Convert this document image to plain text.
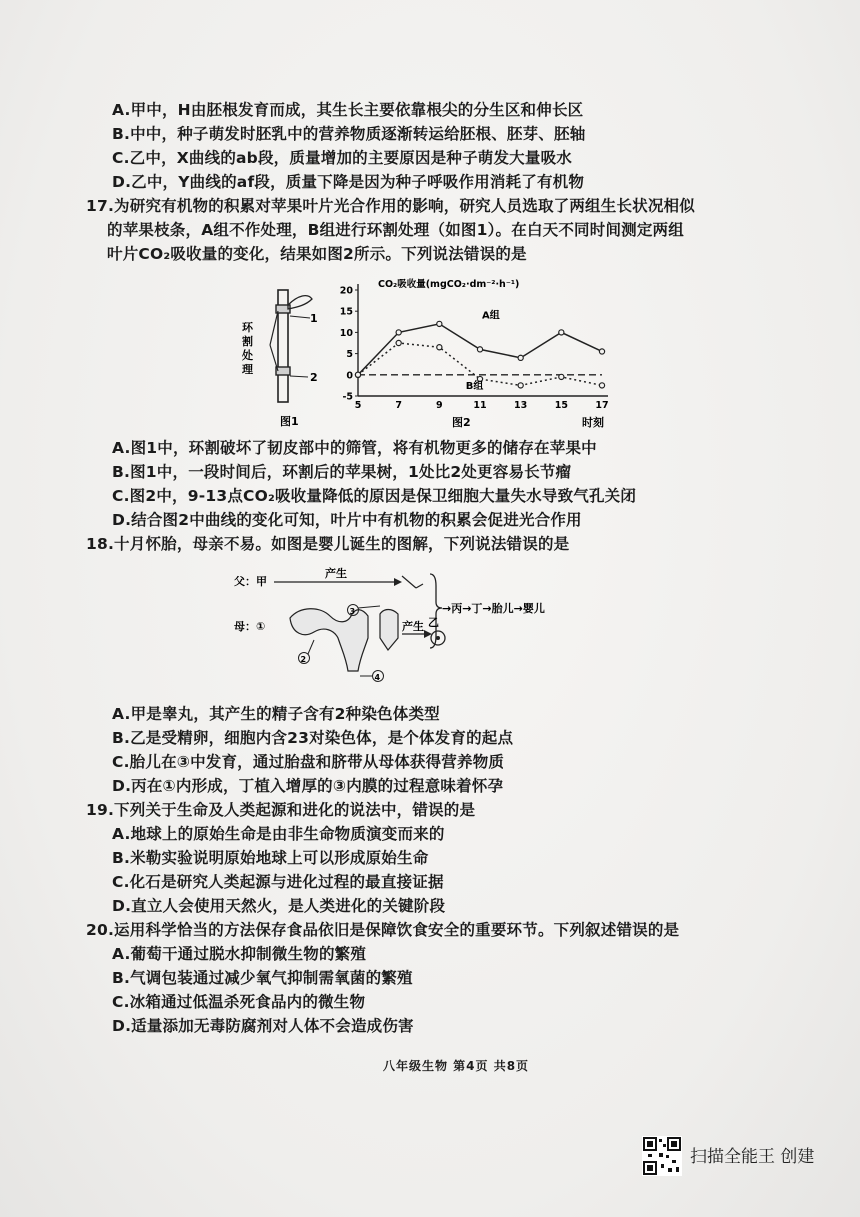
A.甲中，H由胚根发育而成，其生长主要依靠根尖的分生区和伸长区
B.中中，种子萌发时胚乳中的营养物质逐渐转运给胚根、胚芽、胚轴
C.乙中，X曲线的ab段，质量增加的主要原因是种子萌发大量吸水
D.乙中，Y曲线的af段，质量下降是因为种子呼吸作用消耗了有机物
17.为研究有机物的积累对苹果叶片光合作用的影响，研究人员选取了两组生长状况相似
的苹果枝条，A组不作处理，B组进行环割处理（如图1）。在白天不同时间测定两组
叶片CO₂吸收量的变化，结果如图2所示。下列说法错误的是
1
2
环
割
处
理
图1
20
15
10
5
0
-5
5	7	9	11	13	15	17
A组
B组
CO₂吸收量(mgCO₂·dm⁻²·h⁻¹)
时刻
图2
A.图1中，环割破坏了韧皮部中的筛管，将有机物更多的储存在苹果中
B.图1中，一段时间后，环割后的苹果树，1处比2处更容易长节瘤
C.图2中，9-13点CO₂吸收量降低的原因是保卫细胞大量失水导致气孔关闭
D.结合图2中曲线的变化可知，叶片中有机物的积累会促进光合作用
18.十月怀胎，母亲不易。如图是婴儿诞生的图解，下列说法错误的是
父：甲
产生
→丙→丁→胎儿→婴儿
母：①
3
2
4
产生 乙
A.甲是睾丸，其产生的精子含有2种染色体类型
B.乙是受精卵，细胞内含23对染色体，是个体发育的起点
C.胎儿在③中发育，通过胎盘和脐带从母体获得营养物质
D.丙在①内形成，丁植入增厚的③内膜的过程意味着怀孕
19.下列关于生命及人类起源和进化的说法中，错误的是
A.地球上的原始生命是由非生命物质演变而来的
B.米勒实验说明原始地球上可以形成原始生命
C.化石是研究人类起源与进化过程的最直接证据
D.直立人会使用天然火，是人类进化的关键阶段
20.运用科学恰当的方法保存食品依旧是保障饮食安全的重要环节。下列叙述错误的是
A.葡萄干通过脱水抑制微生物的繁殖
B.气调包装通过减少氧气抑制需氧菌的繁殖
C.冰箱通过低温杀死食品内的微生物
D.适量添加无毒防腐剂对人体不会造成伤害
八年级生物 第4页 共8页
扫描全能王 创建
